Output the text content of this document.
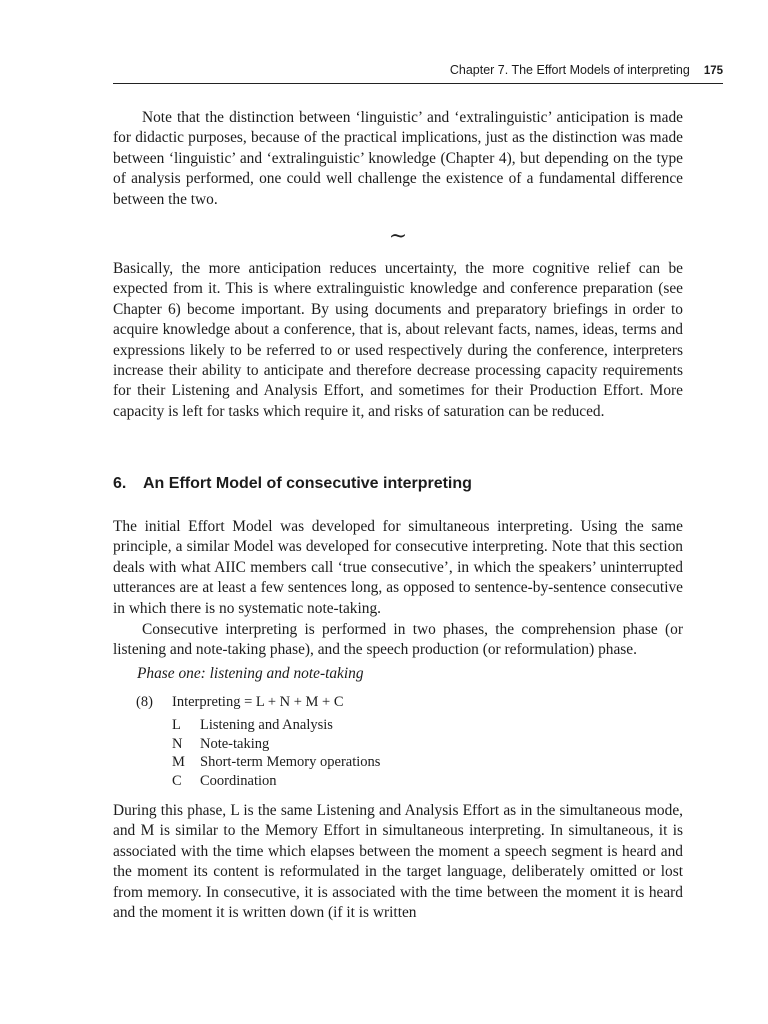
Chapter 7. The Effort Models of interpreting 175

Note that the distinction between ‘linguistic’ and ‘extralinguistic’ anticipation is made for didactic purposes, because of the practical implications, just as the distinction was made between ‘linguistic’ and ‘extralinguistic’ knowledge (Chapter 4), but depending on the type of analysis performed, one could well challenge the existence of a fundamental difference between the two.

~

Basically, the more anticipation reduces uncertainty, the more cognitive relief can be expected from it. This is where extralinguistic knowledge and conference preparation (see Chapter 6) become important. By using documents and preparatory briefings in order to acquire knowledge about a conference, that is, about relevant facts, names, ideas, terms and expressions likely to be referred to or used respectively during the conference, interpreters increase their ability to anticipate and therefore decrease processing capacity requirements for their Listening and Analysis Effort, and sometimes for their Production Effort. More capacity is left for tasks which require it, and risks of saturation can be reduced.

6. An Effort Model of consecutive interpreting

The initial Effort Model was developed for simultaneous interpreting. Using the same principle, a similar Model was developed for consecutive interpreting. Note that this section deals with what AIIC members call ‘true consecutive’, in which the speakers’ uninterrupted utterances are at least a few sentences long, as opposed to sentence-by-sentence consecutive in which there is no systematic note-taking.

Consecutive interpreting is performed in two phases, the comprehension phase (or listening and note-taking phase), and the speech production (or reformulation) phase.

Phase one: listening and note-taking
(8) Interpreting = L + N + M + C
L Listening and Analysis
N Note-taking
M Short-term Memory operations
C Coordination

During this phase, L is the same Listening and Analysis Effort as in the simultaneous mode, and M is similar to the Memory Effort in simultaneous interpreting. In simultaneous, it is associated with the time which elapses between the moment a speech segment is heard and the moment its content is reformulated in the target language, deliberately omitted or lost from memory. In consecutive, it is associated with the time between the moment it is heard and the moment it is written down (if it is written
